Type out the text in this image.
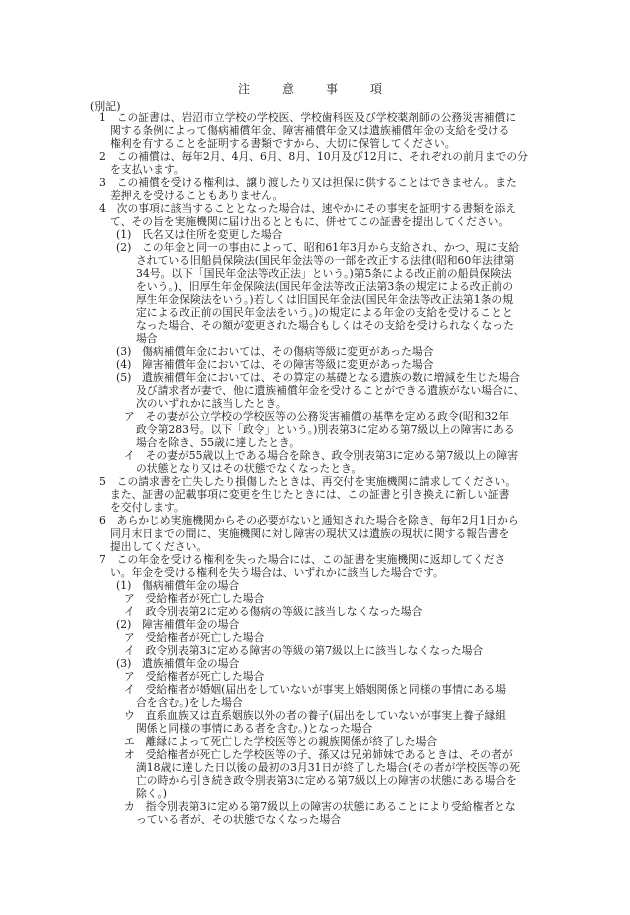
注　意　事　項
(別記)
1　この証書は、岩沼市立学校の学校医、学校歯科医及び学校薬剤師の公務災害補償に
関する条例によって傷病補償年金、障害補償年金又は遺族補償年金の支給を受ける
権利を有することを証明する書類ですから、大切に保管してください。
2　この補償は、毎年2月、4月、6月、8月、10月及び12月に、それぞれの前月までの分
を支払います。
3　この補償を受ける権利は、譲り渡したり又は担保に供することはできません。また
差押えを受けることもありません。
4　次の事項に該当することとなった場合は、速やかにその事実を証明する書類を添え
て、その旨を実施機関に届け出るとともに、併せてこの証書を提出してください。
(1)　氏名又は住所を変更した場合
(2)　この年金と同一の事由によって、昭和61年3月から支給され、かつ、現に支給
されている旧船員保険法(国民年金法等の一部を改正する法律(昭和60年法律第
34号。以下「国民年金法等改正法」という。)第5条による改正前の船員保険法
をいう。)、旧厚生年金保険法(国民年金法等改正法第3条の規定による改正前の
厚生年金保険法をいう。)若しくは旧国民年金法(国民年金法等改正法第1条の規
定による改正前の国民年金法をいう。)の規定による年金の支給を受けることと
なった場合、その額が変更された場合もしくはその支給を受けられなくなった
場合
(3)　傷病補償年金においては、その傷病等級に変更があった場合
(4)　障害補償年金においては、その障害等級に変更があった場合
(5)　遺族補償年金においては、その算定の基礎となる遺族の数に増減を生じた場合
及び請求者が妻で、他に遺族補償年金を受けることができる遺族がない場合に、
次のいずれかに該当したとき。
ア　その妻が公立学校の学校医等の公務災害補償の基準を定める政令(昭和32年
政令第283号。以下「政令」という。)別表第3に定める第7級以上の障害にある
場合を除き、55歳に達したとき。
イ　その妻が55歳以上である場合を除き、政令別表第3に定める第7級以上の障害
の状態となり又はその状態でなくなったとき。
5　この請求書を亡失したり損傷したときは、再交付を実施機関に請求してください。
また、証書の記載事項に変更を生じたときには、この証書と引き換えに新しい証書
を交付します。
6　あらかじめ実施機関からその必要がないと通知された場合を除き、毎年2月1日から
同月末日までの間に、実施機関に対し障害の現状又は遺族の現状に関する報告書を
提出してください。
7　この年金を受ける権利を失った場合には、この証書を実施機関に返却してくださ
い。年金を受ける権利を失う場合は、いずれかに該当した場合です。
(1)　傷病補償年金の場合
ア　受給権者が死亡した場合
イ　政令別表第2に定める傷病の等級に該当しなくなった場合
(2)　障害補償年金の場合
ア　受給権者が死亡した場合
イ　政令別表第3に定める障害の等級の第7級以上に該当しなくなった場合
(3)　遺族補償年金の場合
ア　受給権者が死亡した場合
イ　受給権者が婚姻(届出をしていないが事実上婚姻関係と同様の事情にある場
合を含む。)をした場合
ウ　直系血族又は直系姻族以外の者の養子(届出をしていないが事実上養子縁組
関係と同様の事情にある者を含む。)となった場合
エ　離縁によって死亡した学校医等との親族関係が終了した場合
オ　受給権者が死亡した学校医等の子、孫又は兄弟姉妹であるときは、その者が
満18歳に達した日以後の最初の3月31日が終了した場合(その者が学校医等の死
亡の時から引き続き政令別表第3に定める第7級以上の障害の状態にある場合を
除く。)
カ　指令別表第3に定める第7級以上の障害の状態にあることにより受給権者とな
っている者が、その状態でなくなった場合
